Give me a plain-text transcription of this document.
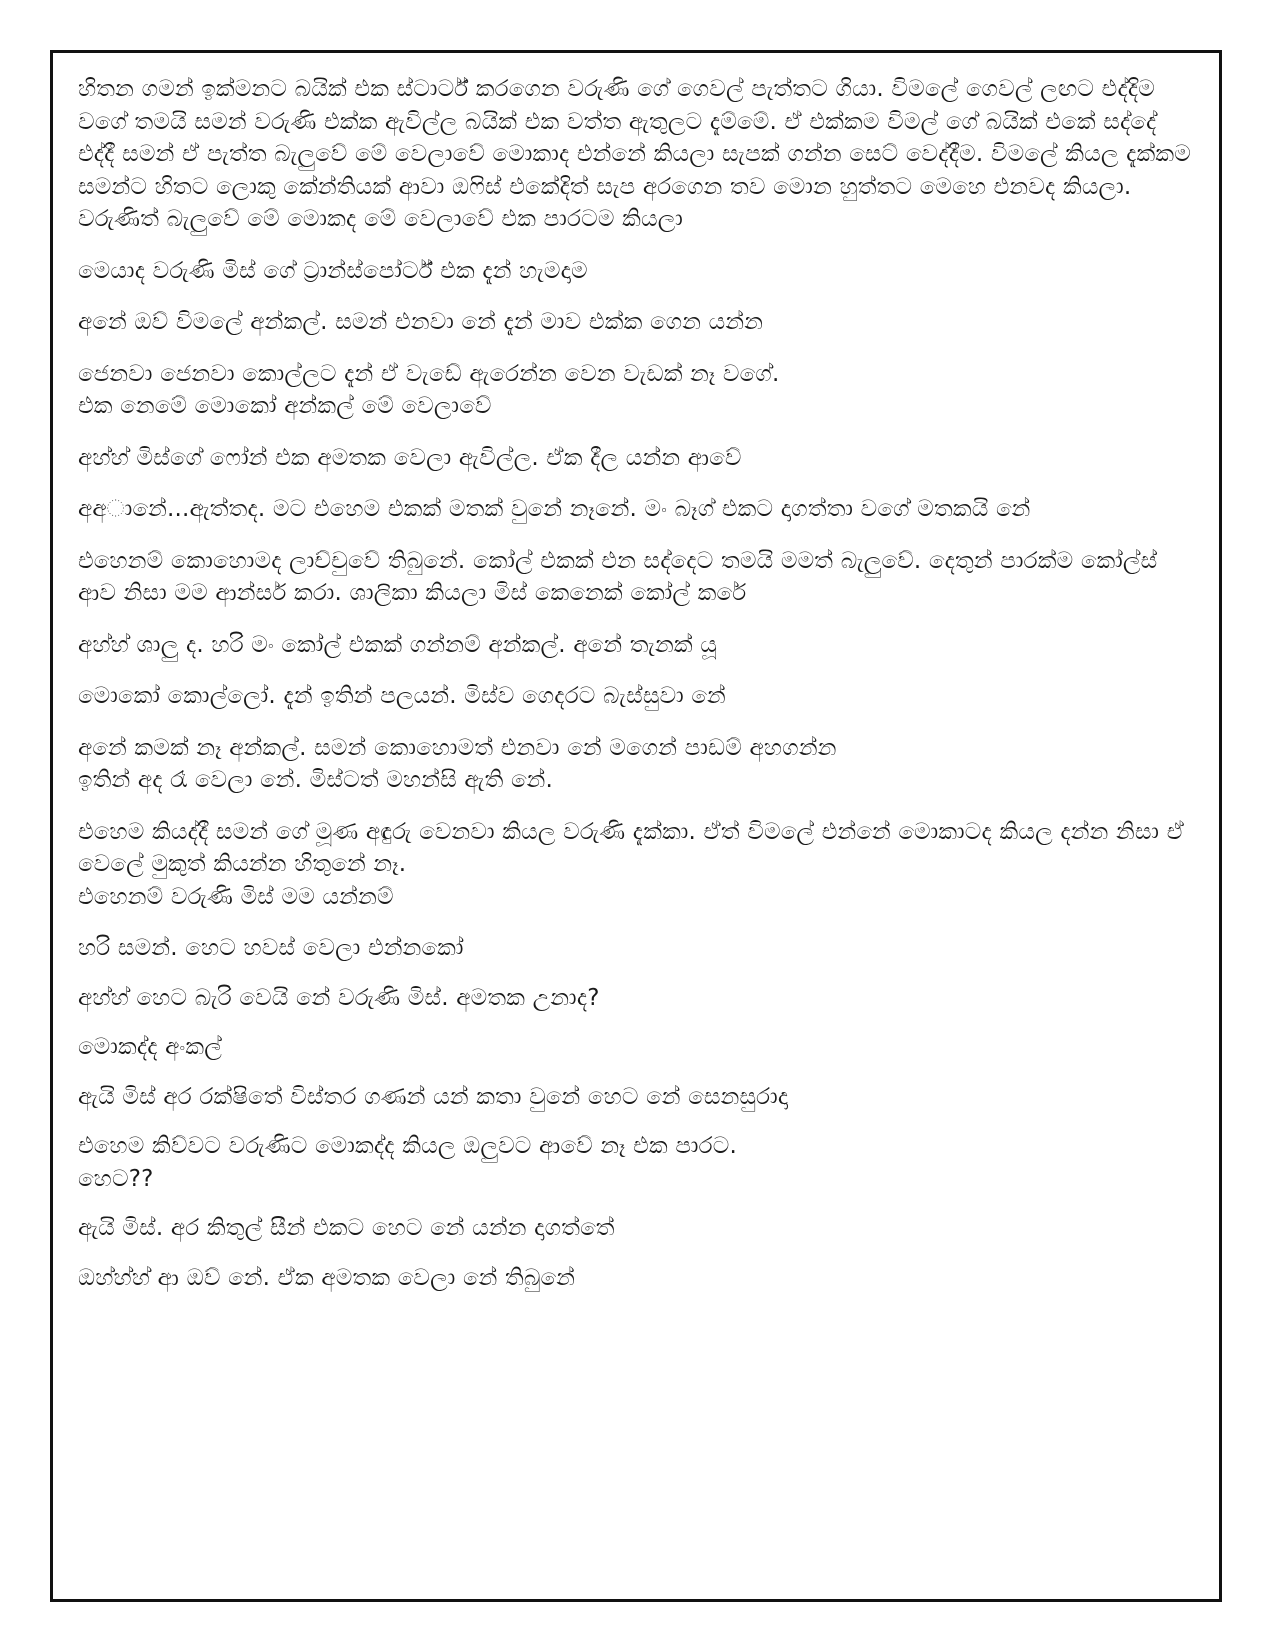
හිතන ගමන් ඉක්මනට බයික් එක ස්ටාර්ට් කරගෙන වරුණි ගේ ගෙවල් පැත්තට ගියා. විමලේ ගෙවල් ලඟට එද්දිම වගේ තමයි සමන් වරුණි එක්ක ඇවිල්ල බයික් එක වත්ත ඇතුලට දැම්මේ. ඒ එක්කම විමල් ගේ බයික් එකේ සද්දේ එද්දී සමන් ඒ පැත්ත බැලුවේ මේ වෙලාවේ මොකාද එන්නේ කියලා සැපක් ගන්න සෙට් වෙද්දීම. විමලේ කියල දැක්කම සමන්ට හිතට ලොකු කේන්තියක් ආවා ඔෆිස් එකේදිත් සැප අරගෙන තව මොන හුත්තට මෙහෙ එනවද කියලා. වරුණිත් බැලුවේ මේ මොකද මේ වෙලාවේ එක පාරටම කියලා

මෙයාද වරුණි මිස් ගේ ට්‍රාන්ස්පෝර්ට් එක දැන් හැමදාම

අනේ ඔව් විමලේ අන්කල්. සමන් එනවා නේ දැන් මාව එක්ක ගෙන යන්න

ජෙනවා ජෙනවා කොල්ලට දැන් ඒ වැඩේ ඇරෙන්න වෙන වැඩක් නෑ වගේ.
එක නෙමේ මොකෝ අන්කල් මේ වෙලාවේ

අහ්හ් මිස්ගේ ෆෝන් එක අමතක වෙලා ඇවිල්ල. ඒක දීල යන්න ආවේ

අඅානේ...ඇත්තද. මට එහෙම එකක් මතක් වුනේ නෑනේ. මං බෑග් එකට දාගත්තා වගේ මතකයි නේ

එහෙනම් කොහොමද ලාච්චුවේ තිබුනේ. කෝල් එකක් එන සද්දෙට තමයි මමත් බැලුවේ. දෙතුන් පාරක්ම කෝල්ස් ආව නිසා මම ආන්සර් කරා. ශාලිකා කියලා මිස් කෙනෙක් කෝල් කරේ

අහ්හ් ශාලු ද. හරි මං කෝල් එකක් ගන්නම් අන්කල්. අනේ තැනක් යූ

මොකෝ කොල්ලෝ. දැන් ඉතින් පලයන්. මිස්ව ගෙදරට බැස්සුවා නේ

අනේ කමක් නෑ අන්කල්. සමන් කොහොමත් එනවා නේ මගෙන් පාඩම් අහගන්න
ඉතින් අද රෑ වෙලා නේ. මිස්ටත් මහන්සි ඇති නේ.

එහෙම කියද්දී සමන් ගේ මූණ අඳුරු වෙනවා කියල වරුණි දැක්කා. ඒත් විමලේ එන්නේ මොකාටද කියල දන්න නිසා ඒ වෙලේ මුකුත් කියන්න හිතුනේ නෑ.
එහෙනම් වරුණි මිස් මම යන්නම්

හරි සමන්. හෙට හවස් වෙලා එන්නකෝ

අහ්හ් හෙට බැරි වෙයි නේ වරුණි මිස්. අමතක උනාද?

මොකද්ද අංකල්

ඇයි මිස් අර රක්ෂිතේ විස්තර ගණන් යන් කතා වුනේ හෙට නේ සෙනසුරාදා

එහෙම කිව්වට වරුණිට මොකද්ද කියල ඔලුවට ආවේ නෑ එක පාරට.
හෙට??

ඇයි මිස්. අර කිතුල් සීන් එකට හෙට නේ යන්න දාගත්තේ

ඔහ්හ්හ් ආ ඔව් නේ. ඒක අමතක වෙලා නේ තිබුනේ
